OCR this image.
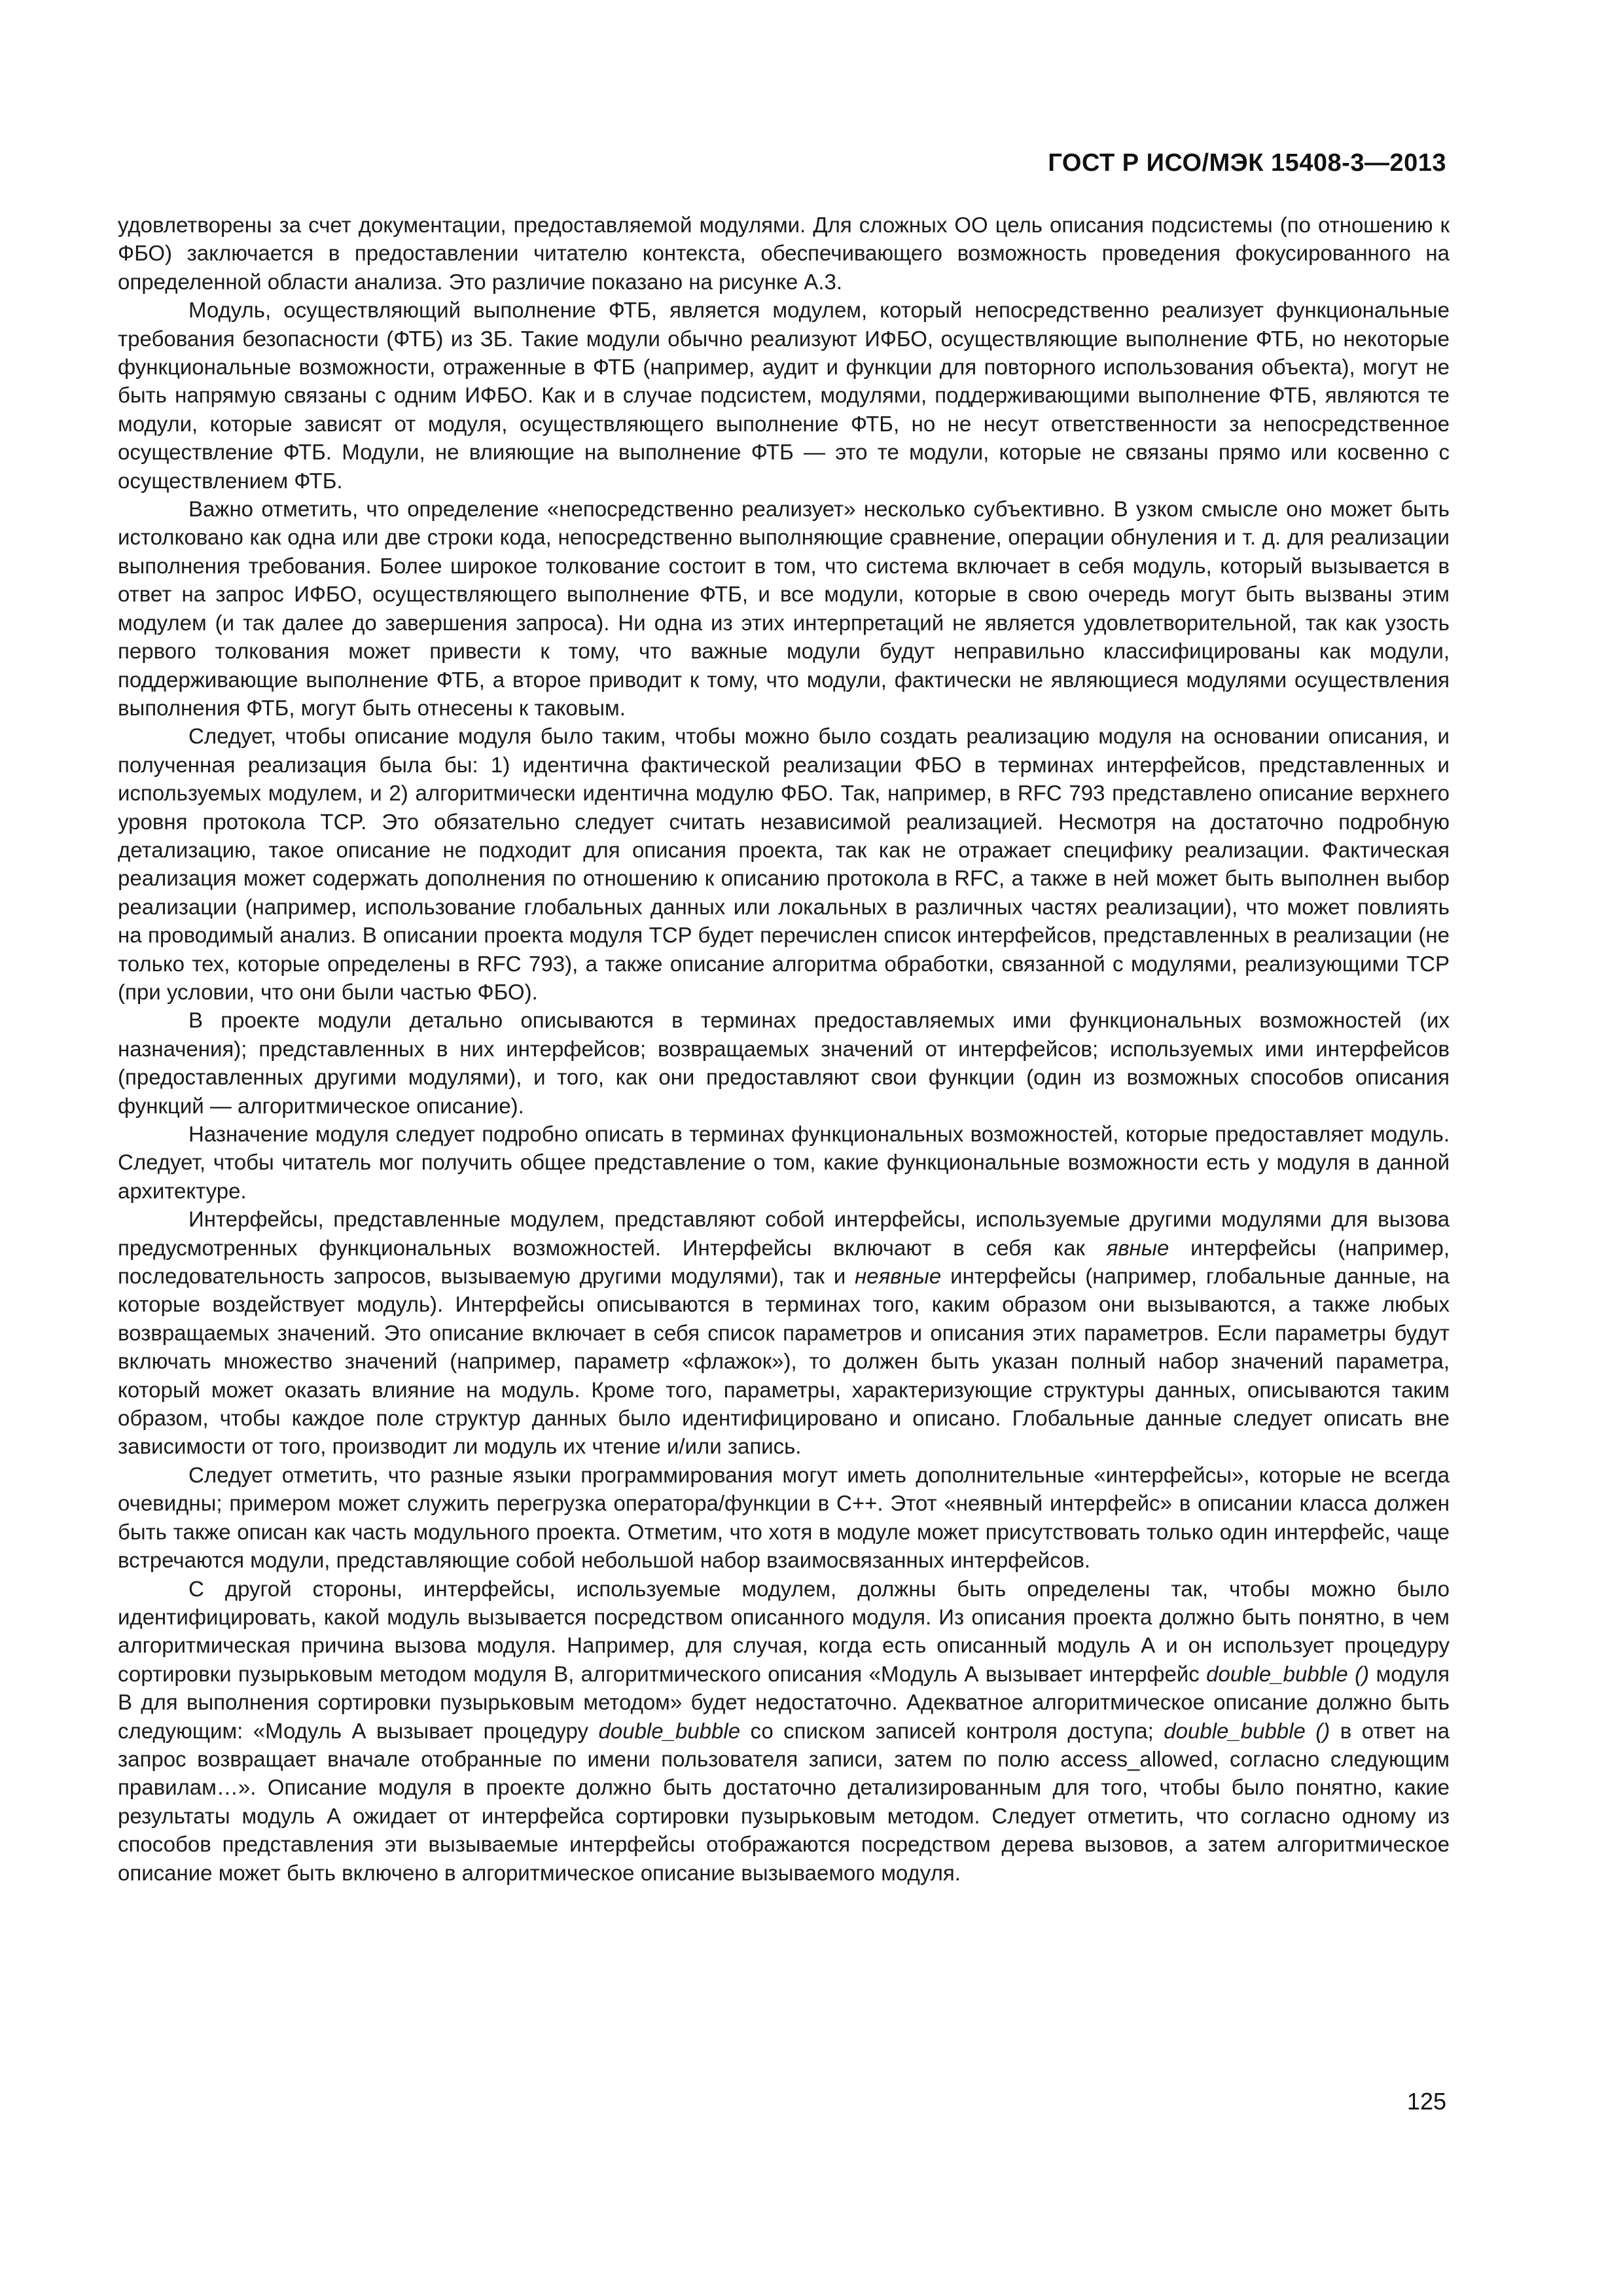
ГОСТ Р ИСО/МЭК 15408-3—2013

удовлетворены за счет документации, предоставляемой модулями. Для сложных ОО цель описания подсистемы (по отношению к ФБО) заключается в предоставлении читателю контекста, обеспечивающего возможность проведения фокусированного на определенной области анализа. Это различие показано на рисунке А.3.

Модуль, осуществляющий выполнение ФТБ, является модулем, который непосредственно реализует функциональные требования безопасности (ФТБ) из ЗБ. Такие модули обычно реализуют ИФБО, осуществляющие выполнение ФТБ, но некоторые функциональные возможности, отраженные в ФТБ (например, аудит и функции для повторного использования объекта), могут не быть напрямую связаны с одним ИФБО. Как и в случае подсистем, модулями, поддерживающими выполнение ФТБ, являются те модули, которые зависят от модуля, осуществляющего выполнение ФТБ, но не несут ответственности за непосредственное осуществление ФТБ. Модули, не влияющие на выполнение ФТБ — это те модули, которые не связаны прямо или косвенно с осуществлением ФТБ.

Важно отметить, что определение «непосредственно реализует» несколько субъективно. В узком смысле оно может быть истолковано как одна или две строки кода, непосредственно выполняющие сравнение, операции обнуления и т. д. для реализации выполнения требования. Более широкое толкование состоит в том, что система включает в себя модуль, который вызывается в ответ на запрос ИФБО, осуществляющего выполнение ФТБ, и все модули, которые в свою очередь могут быть вызваны этим модулем (и так далее до завершения запроса). Ни одна из этих интерпретаций не является удовлетворительной, так как узость первого толкования может привести к тому, что важные модули будут неправильно классифицированы как модули, поддерживающие выполнение ФТБ, а второе приводит к тому, что модули, фактически не являющиеся модулями осуществления выполнения ФТБ, могут быть отнесены к таковым.

Следует, чтобы описание модуля было таким, чтобы можно было создать реализацию модуля на основании описания, и полученная реализация была бы: 1) идентична фактической реализации ФБО в терминах интерфейсов, представленных и используемых модулем, и 2) алгоритмически идентична модулю ФБО. Так, например, в RFC 793 представлено описание верхнего уровня протокола TCP. Это обязательно следует считать независимой реализацией. Несмотря на достаточно подробную детализацию, такое описание не подходит для описания проекта, так как не отражает специфику реализации. Фактическая реализация может содержать дополнения по отношению к описанию протокола в RFC, а также в ней может быть выполнен выбор реализации (например, использование глобальных данных или локальных в различных частях реализации), что может повлиять на проводимый анализ. В описании проекта модуля TCP будет перечислен список интерфейсов, представленных в реализации (не только тех, которые определены в RFC 793), а также описание алгоритма обработки, связанной с модулями, реализующими TCP (при условии, что они были частью ФБО).

В проекте модули детально описываются в терминах предоставляемых ими функциональных возможностей (их назначения); представленных в них интерфейсов; возвращаемых значений от интерфейсов; используемых ими интерфейсов (предоставленных другими модулями), и того, как они предоставляют свои функции (один из возможных способов описания функций — алгоритмическое описание).

Назначение модуля следует подробно описать в терминах функциональных возможностей, которые предоставляет модуль. Следует, чтобы читатель мог получить общее представление о том, какие функциональные возможности есть у модуля в данной архитектуре.

Интерфейсы, представленные модулем, представляют собой интерфейсы, используемые другими модулями для вызова предусмотренных функциональных возможностей. Интерфейсы включают в себя как явные интерфейсы (например, последовательность запросов, вызываемую другими модулями), так и неявные интерфейсы (например, глобальные данные, на которые воздействует модуль). Интерфейсы описываются в терминах того, каким образом они вызываются, а также любых возвращаемых значений. Это описание включает в себя список параметров и описания этих параметров. Если параметры будут включать множество значений (например, параметр «флажок»), то должен быть указан полный набор значений параметра, который может оказать влияние на модуль. Кроме того, параметры, характеризующие структуры данных, описываются таким образом, чтобы каждое поле структур данных было идентифицировано и описано. Глобальные данные следует описать вне зависимости от того, производит ли модуль их чтение и/или запись.

Следует отметить, что разные языки программирования могут иметь дополнительные «интерфейсы», которые не всегда очевидны; примером может служить перегрузка оператора/функции в C++. Этот «неявный интерфейс» в описании класса должен быть также описан как часть модульного проекта. Отметим, что хотя в модуле может присутствовать только один интерфейс, чаще встречаются модули, представляющие собой небольшой набор взаимосвязанных интерфейсов.

С другой стороны, интерфейсы, используемые модулем, должны быть определены так, чтобы можно было идентифицировать, какой модуль вызывается посредством описанного модуля. Из описания проекта должно быть понятно, в чем алгоритмическая причина вызова модуля. Например, для случая, когда есть описанный модуль А и он использует процедуру сортировки пузырьковым методом модуля В, алгоритмического описания «Модуль А вызывает интерфейс double_bubble () модуля В для выполнения сортировки пузырьковым методом» будет недостаточно. Адекватное алгоритмическое описание должно быть следующим: «Модуль А вызывает процедуру double_bubble со списком записей контроля доступа; double_bubble () в ответ на запрос возвращает вначале отобранные по имени пользователя записи, затем по полю access_allowed, согласно следующим правилам…». Описание модуля в проекте должно быть достаточно детализированным для того, чтобы было понятно, какие результаты модуль А ожидает от интерфейса сортировки пузырьковым методом. Следует отметить, что согласно одному из способов представления эти вызываемые интерфейсы отображаются посредством дерева вызовов, а затем алгоритмическое описание может быть включено в алгоритмическое описание вызываемого модуля.

125
